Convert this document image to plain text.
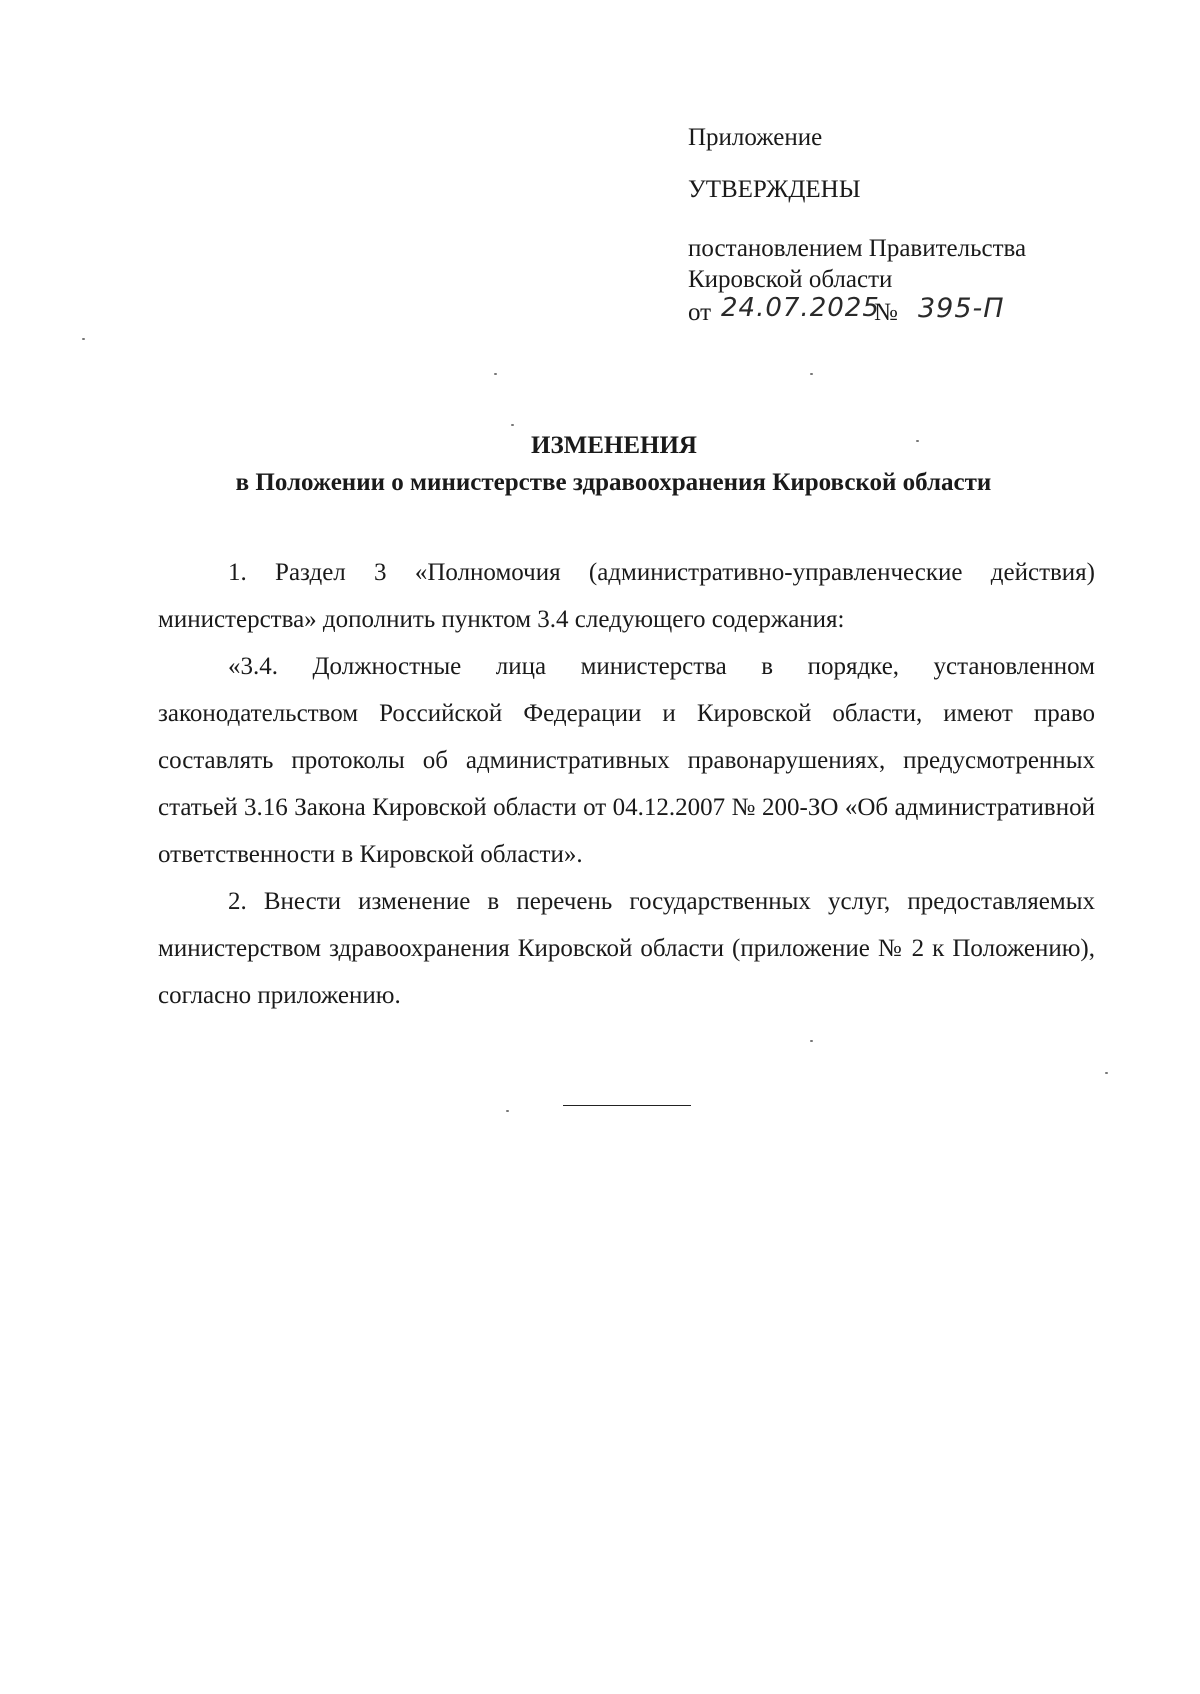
Приложение
УТВЕРЖДЕНЫ
постановлением Правительства
Кировской области
от 24.07.2025
№ 395-П
ИЗМЕНЕНИЯ
в Положении о министерстве здравоохранения Кировской области

1. Раздел 3 «Полномочия (административно-управленческие действия) министерства» дополнить пунктом 3.4 следующего содержания:

«3.4. Должностные лица министерства в порядке, установленном законодательством Российской Федерации и Кировской области, имеют право составлять протоколы об административных правонарушениях, предусмотренных статьей 3.16 Закона Кировской области от 04.12.2007 № 200-ЗО «Об административной ответственности в Кировской области».

2. Внести изменение в перечень государственных услуг, предоставляемых министерством здравоохранения Кировской области (приложение № 2 к Положению), согласно приложению.
